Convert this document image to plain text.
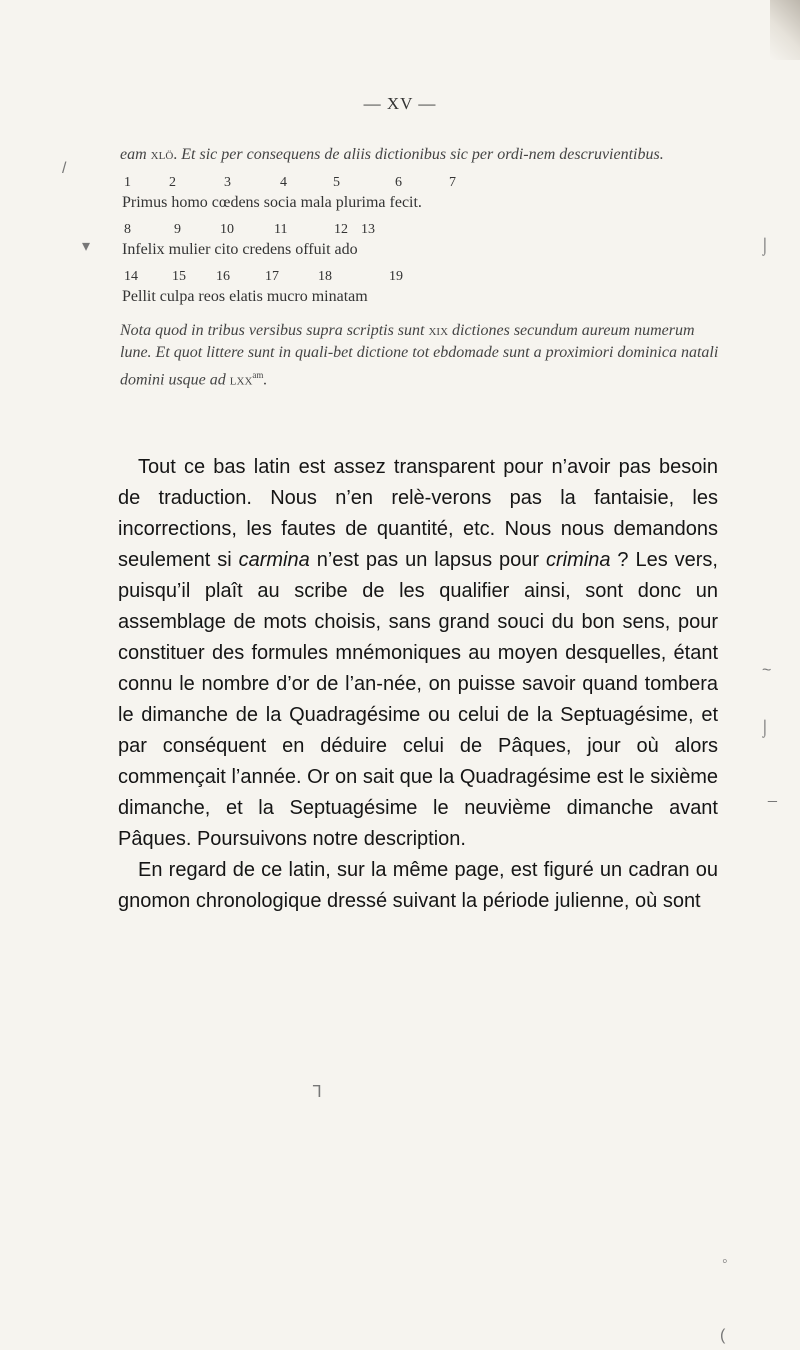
— XV —

eam xlö. Et sic per consequens de aliis dictionibus sic per ordi-nem descruvientibus.

1	2	3	4	5	6	7
Primus homo cœdens socia mala plurima fecit.
8	9	10	11	12 13
Infelix mulier cito credens offuit ado
14 15 16	17	18	19
Pellit culpa reos elatis mucro minatam
Nota quod in tribus versibus supra scriptis sunt xix dictiones secundum aureum numerum lune. Et quot littere sunt in quali-bet dictione tot ebdomade sunt a proximiori dominica natali domini usque ad lxx$^{am}$.

Tout ce bas latin est assez transparent pour n’avoir pas besoin de traduction. Nous n’en relè-verons pas la fantaisie, les incorrections, les fautes de quantité, etc. Nous nous demandons seulement si carmina n’est pas un lapsus pour crimina ? Les vers, puisqu’il plaît au scribe de les qualifier ainsi, sont donc un assemblage de mots choisis, sans grand souci du bon sens, pour constituer des formules mnémoniques au moyen desquelles, étant connu le nombre d’or de l’an-née, on puisse savoir quand tombera le dimanche de la Quadragésime ou celui de la Septuagésime, et par conséquent en déduire celui de Pâques, jour où alors commençait l’année. Or on sait que la Quadragésime est le sixième dimanche, et la Septuagésime le neuvième dimanche avant Pâques. Poursuivons notre description.

En regard de ce latin, sur la même page, est figuré un cadran ou gnomon chronologique dressé suivant la période julienne, où sont

/
▾	⌡
~
⌡
_
ᒣ
◦
(
